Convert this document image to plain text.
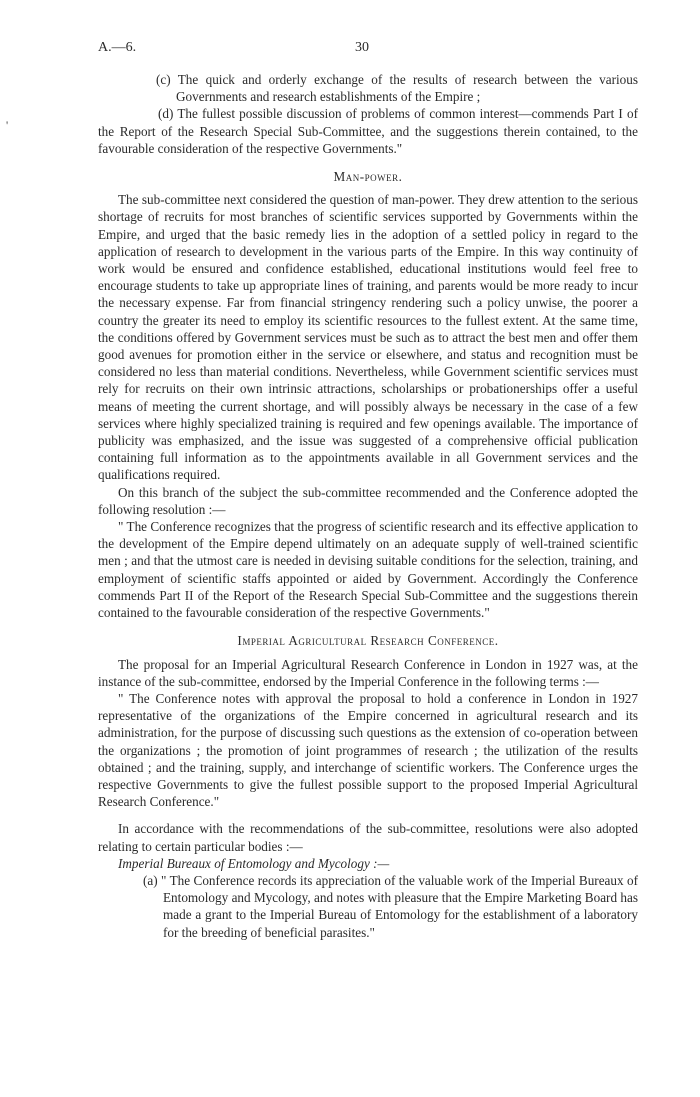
A.—6.	30
'

(c) The quick and orderly exchange of the results of research between the various Governments and research establishments of the Empire ;

(d) The fullest possible discussion of problems of common interest—commends Part I of the Report of the Research Special Sub-Committee, and the suggestions therein contained, to the favourable consideration of the respective Governments."

Man-power.

The sub-committee next considered the question of man-power. They drew attention to the serious shortage of recruits for most branches of scientific services supported by Governments within the Empire, and urged that the basic remedy lies in the adoption of a settled policy in regard to the application of research to development in the various parts of the Empire. In this way continuity of work would be ensured and confidence established, educational institutions would feel free to encourage students to take up appropriate lines of training, and parents would be more ready to incur the necessary expense. Far from financial stringency rendering such a policy unwise, the poorer a country the greater its need to employ its scientific resources to the fullest extent. At the same time, the conditions offered by Government services must be such as to attract the best men and offer them good avenues for promotion either in the service or elsewhere, and status and recognition must be considered no less than material conditions. Nevertheless, while Government scientific services must rely for recruits on their own intrinsic attractions, scholarships or probationerships offer a useful means of meeting the current shortage, and will possibly always be necessary in the case of a few services where highly specialized training is required and few openings available. The importance of publicity was emphasized, and the issue was suggested of a comprehensive official publication containing full information as to the appointments available in all Government services and the qualifications required.

On this branch of the subject the sub-committee recommended and the Conference adopted the following resolution :—

" The Conference recognizes that the progress of scientific research and its effective application to the development of the Empire depend ultimately on an adequate supply of well-trained scientific men ; and that the utmost care is needed in devising suitable conditions for the selection, training, and employment of scientific staffs appointed or aided by Government. Accordingly the Conference commends Part II of the Report of the Research Special Sub-Committee and the suggestions therein contained to the favourable consideration of the respective Governments."

Imperial Agricultural Research Conference.

The proposal for an Imperial Agricultural Research Conference in London in 1927 was, at the instance of the sub-committee, endorsed by the Imperial Conference in the following terms :—

" The Conference notes with approval the proposal to hold a conference in London in 1927 representative of the organizations of the Empire concerned in agricultural research and its administration, for the purpose of discussing such questions as the extension of co-operation between the organizations ; the promotion of joint programmes of research ; the utilization of the results obtained ; and the training, supply, and interchange of scientific workers. The Conference urges the respective Governments to give the fullest possible support to the proposed Imperial Agricultural Research Conference."

In accordance with the recommendations of the sub-committee, resolutions were also adopted relating to certain particular bodies :—

Imperial Bureaux of Entomology and Mycology :—

(a) " The Conference records its appreciation of the valuable work of the Imperial Bureaux of Entomology and Mycology, and notes with pleasure that the Empire Marketing Board has made a grant to the Imperial Bureau of Entomology for the establishment of a laboratory for the breeding of beneficial parasites."
